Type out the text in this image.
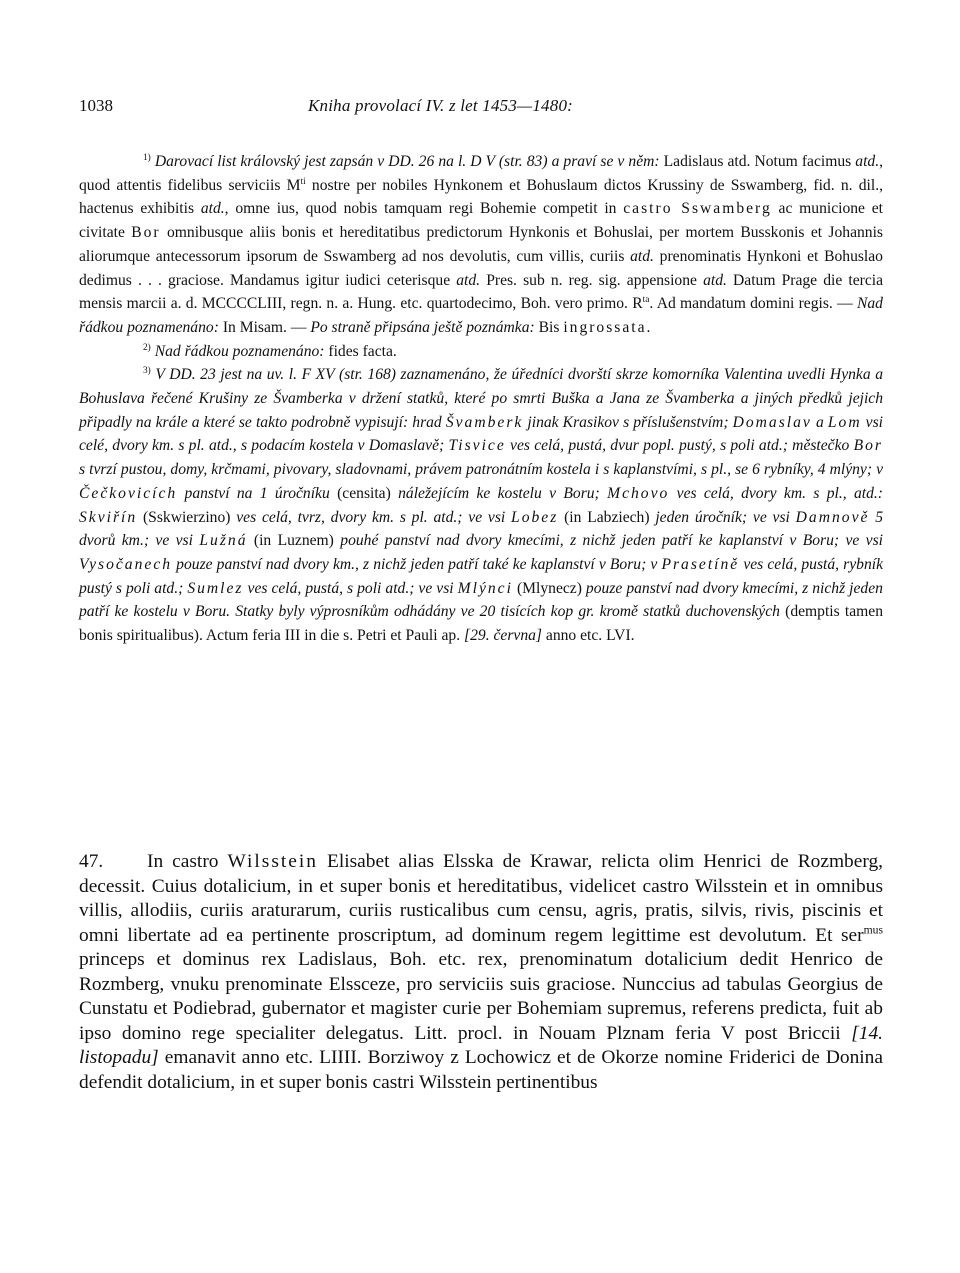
1038	Kniha provolací IV. z let 1453—1480:

$^{1)}$ Darovací list královský jest zapsán v DD. 26 na l. D V (str. 83) a praví se v něm: Ladislaus atd. Notum facimus atd., quod attentis fidelibus serviciis $M^{ti}$ nostre per nobiles Hynkonem et Bohuslaum dictos Krussiny de Sswamberg, fid. n. dil., hactenus exhibitis atd., omne ius, quod nobis tamquam regi Bohemie competit in castro Sswamberg ac municione et civitate Bor omnibusque aliis bonis et hereditatibus predictorum Hynkonis et Bohuslai, per mortem Busskonis et Johannis aliorumque antecessorum ipsorum de Sswamberg ad nos devolutis, cum villis, curiis atd. prenominatis Hynkoni et Bohuslao dedimus . . . graciose. Mandamus igitur iudici ceterisque atd. Pres. sub n. reg. sig. appensione atd. Datum Prage die tercia mensis marcii a. d. MCCCCLIII, regn. n. a. Hung. etc. quartodecimo, Boh. vero primo. $R^{ta}$. Ad mandatum domini regis. — Nad řádkou poznamenáno: In Misam. — Po straně připsána ještě poznámka: Bis ingrossata.

$^{2)}$ Nad řádkou poznamenáno: fides facta.

$^{3)}$ V DD. 23 jest na uv. l. F XV (str. 168) zaznamenáno, že úředníci dvorští skrze komorníka Valentina uvedli Hynka a Bohuslava řečené Krušiny ze Švamberka v držení statků, které po smrti Buška a Jana ze Švamberka a jiných předků jejich připadly na krále a které se takto podrobně vypisují: hrad Švamberk jinak Krasikov s příslušenstvím; Domaslav a Lom vsi celé, dvory km. s pl. atd., s podacím kostela v Domaslavě; Tisvice ves celá, pustá, dvur popl. pustý, s poli atd.; městečko Bor s tvrzí pustou, domy, krčmami, pivovary, sladovnami, právem patronátním kostela i s kaplanstvími, s pl., se 6 rybníky, 4 mlýny; v Čečkovicích panství na 1 úročníku (censita) náležejícím ke kostelu v Boru; Mchovo ves celá, dvory km. s pl., atd.: Skviřín (Sskwierzino) ves celá, tvrz, dvory km. s pl. atd.; ve vsi Lobez (in Labziech) jeden úročník; ve vsi Damnově 5 dvorů km.; ve vsi Lužná (in Luznem) pouhé panství nad dvory kmecími, z nichž jeden patří ke kaplanství v Boru; ve vsi Vysočanech pouze panství nad dvory km., z nichž jeden patří také ke kaplanství v Boru; v Prasetíně ves celá, pustá, rybník pustý s poli atd.; Sumlez ves celá, pustá, s poli atd.; ve vsi Mlýnci (Mlynecz) pouze panství nad dvory kmecími, z nichž jeden patří ke kostelu v Boru. Statky byly výprosníkům odhádány ve 20 tisících kop gr. kromě statků duchovenských (demptis tamen bonis spiritualibus). Actum feria III in die s. Petri et Pauli ap. [29. června] anno etc. LVI.

47. In castro Wilsstein Elisabet alias Elsska de Krawar, relicta olim Henrici de Rozmberg, decessit. Cuius dotalicium, in et super bonis et hereditatibus, videlicet castro Wilsstein et in omnibus villis, allodiis, curiis araturarum, curiis rusticalibus cum censu, agris, pratis, silvis, rivis, piscinis et omni libertate ad ea pertinente proscriptum, ad dominum regem legittime est devolutum. Et ser$^{mus}$ princeps et dominus rex Ladislaus, Boh. etc. rex, prenominatum dotalicium dedit Henrico de Rozmberg, vnuku prenominate Elssceze, pro serviciis suis graciose. Nunccius ad tabulas Georgius de Cunstatu et Podiebrad, gubernator et magister curie per Bohemiam supremus, referens predicta, fuit ab ipso domino rege specialiter delegatus. Litt. procl. in Nouam Plznam feria V post Briccii [14. listopadu] emanavit anno etc. LIIII. Borziwoy z Lochowicz et de Okorze nomine Friderici de Donina defendit dotalicium, in et super bonis castri Wilsstein pertinentibus
